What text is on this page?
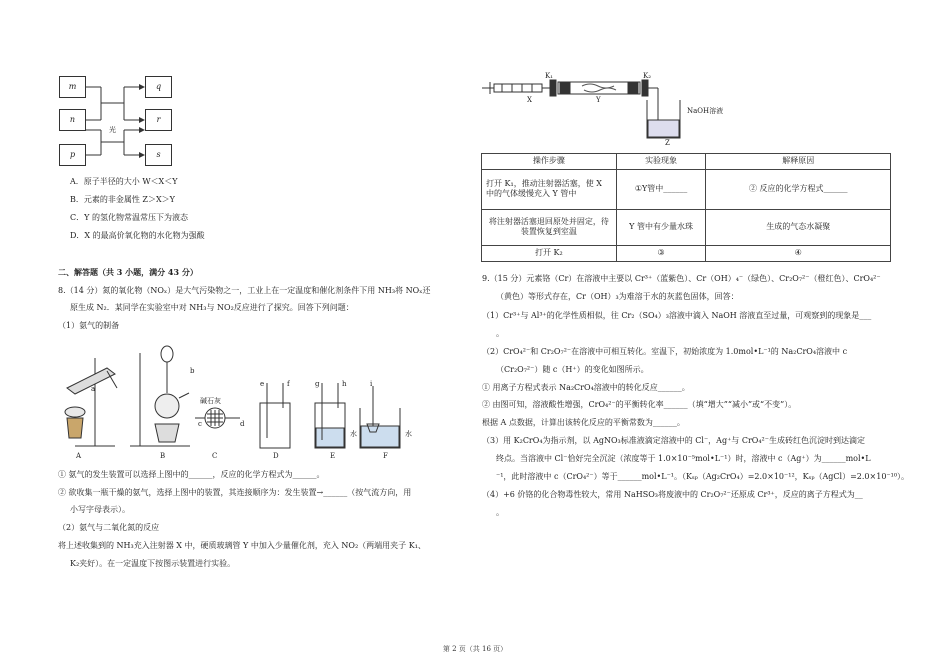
m
n
p
q
r
s
光
A．原子半径的大小 W＜X＜Y
B．元素的非金属性 Z＞X＞Y
C．Y 的氢化物常温常压下为液态
D．X 的最高价氧化物的水化物为强酸
二、解答题（共 3 小题，满分 43 分）
8.（14 分）氮的氧化物（NOₓ）是大气污染物之一，工业上在一定温度和催化剂条件下用 NH₃将 NOₓ还
原生成 N₂．某同学在实验室中对 NH₃与 NO₂反应进行了探究。回答下列问题：
（1）氨气的制备
a
b
c	d
e	f	g	h	i
碱石灰
水	水
A	B	C	D	E	F
① 氨气的发生装置可以选择上图中的______，反应的化学方程式为______。
② 欲收集一瓶干燥的氨气，选择上图中的装置，其连接顺序为：发生装置→______（按气流方向，用
小写字母表示）。
（2）氨气与二氧化氮的反应
将上述收集到的 NH₃充入注射器 X 中，硬质玻璃管 Y 中加入少量催化剂，充入 NO₂（两端用夹子 K₁、
K₂夹好）。在一定温度下按图示装置进行实验。
K₁	K₂
X	Y
Z
NaOH溶液
操作步骤	实验现象	解释原因
打开 K₁，推动注射器活塞，使 X 中的气体缓慢充入 Y 管中	①Y管中______	② 反应的化学方程式______
将注射器活塞退回原处并固定，待装置恢复到室温	Y 管中有少量水珠	生成的气态水凝聚
打开 K₂	③	④
9.（15 分）元素铬（Cr）在溶液中主要以 Cr³⁺（蓝紫色）、Cr（OH）₄⁻（绿色）、Cr₂O₇²⁻（橙红色）、CrO₄²⁻
（黄色）等形式存在，Cr（OH）₃为难溶于水的灰蓝色固体，回答：
（1）Cr³⁺与 Al³⁺的化学性质相似，往 Cr₂（SO₄）₃溶液中滴入 NaOH 溶液直至过量，可观察到的现象是___
。
（2）CrO₄²⁻和 Cr₂O₇²⁻在溶液中可相互转化。室温下，初始浓度为 1.0mol•L⁻¹的 Na₂CrO₄溶液中 c
（Cr₂O₇²⁻）随 c（H⁺）的变化如图所示。
① 用离子方程式表示 Na₂CrO₄溶液中的转化反应______。
② 由图可知，溶液酸性增强，CrO₄²⁻的平衡转化率______（填“增大”“减小”或“不变”）。
根据 A 点数据，计算出该转化反应的平衡常数为______。
（3）用 K₂CrO₄为指示剂，以 AgNO₃标准液滴定溶液中的 Cl⁻，Ag⁺与 CrO₄²⁻生成砖红色沉淀时到达滴定
终点。当溶液中 Cl⁻恰好完全沉淀（浓度等于 1.0×10⁻⁵mol•L⁻¹）时，溶液中 c（Ag⁺）为______mol•L
⁻¹，此时溶液中 c（CrO₄²⁻）等于______mol•L⁻¹。（Kₛₚ（Ag₂CrO₄）=2.0×10⁻¹²，Kₛₚ（AgCl）=2.0×10⁻¹⁰）。
（4）+6 价铬的化合物毒性较大，常用 NaHSO₃将废液中的 Cr₂O₇²⁻还原成 Cr³⁺，反应的离子方程式为__
。
第 2 页（共 16 页）
